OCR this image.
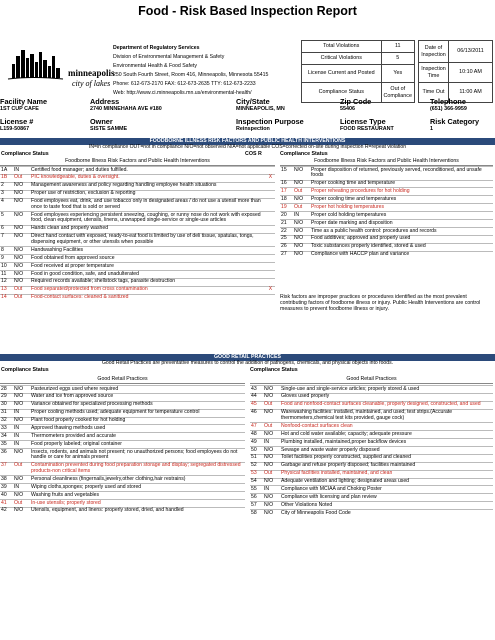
Food - Risk Based Inspection Report
minneapolis
city of lakes
Department of Regulatory Services
Division of Environmental Management & Safety
Environmental Health & Food Safety
250 South Fourth Street, Room 416, Minneapolis, Minnesota 55415
Phone: 612-673-2170 FAX: 612-673-2635 TTY: 612-673-2233
Web: http://www.ci.minneapolis.mn.us/environmental-health/
Total Violations	11
Critical Violations	5
License Current and Posted	Yes
Compliance Status	Out of Compliance
Date of Inspection	06/13/2011
Inspection Time	10:10 AM
Time Out	11:00 AM
Facility Name
1ST CUP CAFE
Address
2740 MINNEHAHA AVE #180
City/State
MINNEAPOLIS, MN
Zip Code
55406
Telephone
(651) 366-9959
License #
L159-50867
Owner
SISTE SAMME
Inspection Purpose
Reinspection
License Type
FOOD RESTAURANT
Risk Category
1
FOODBORNE ILLNESS RISK FACTORS AND PUBLIC HEALTH INTERVENTIONS
IN=in compliance OUT=not in compliance N/O=not observed N/A=not applicable COS=corrected on-site during inspection R=repeat violation
Compliance Status	COS R	Compliance Status
Foodborne Illness Risk Factors and Public Health Interventions	Foodborne Illness Risk Factors and Public Health Interventions
1A	IN	Certified food manager; and duties fulfilled.	
1B	Out	PIC knowledgeable, duties & oversight.	X
2	N/O	Management awareness and policy regarding handling employee health situations	
3	N/O	Proper use of restriction, exclusion & reporting	
4	N/O	Food employees eat, drink, and use tobacco only in designated areas / do not use a utensil more than once to taste food that is sold or served	
5	N/O	Food employees experiencing persistent sneezing, coughing, or runny nose do not work with exposed food, clean equipment, utensils, linens, unwrapped single-service or single-use articles	
6	N/O	Hands clean and properly washed	
7	N/O	Direct hand contact with exposed, ready-to-eat food is limited by use of deli tissue, spatulas, tongs, dispensing equipment, or other utensils when possible	
8	N/O	Handwashing Facilities	
9	N/O	Food obtained from approved source	
10	N/O	Food received at proper temperature	
11	N/O	Food in good condition, safe, and unadulterated	
12	N/O	Required records available; shellstock tags, parasite destruction	
13	Out	Food separated/protected from cross contamination	X
14	Out	Food-contact surfaces: cleaned & sanitized	
15	N/O	Proper disposition of returned, previously served, reconditioned, and unsafe foods
16	N/O	Proper cooking time and temperature
17	Out	Proper reheating procedures for hot holding
18	N/O	Proper cooling time and temperatures
19	Out	Proper hot holding temperatures
20	IN	Proper cold holding temperatures
21	N/O	Proper date marking and disposition
22	N/O	Time as a public health control: procedures and records
25	N/O	Food additives; approved and properly used
26	N/O	Toxic substances properly identified, stored & used
27	N/O	Compliance with HACCP plan and variance
Risk factors are improper practices or procedures identified as the most prevalent contributing factors of foodborne illness or injury. Public Health Interventions are control measures to prevent foodborne illness or injury.
GOOD RETAIL PRACTICES
Good Retail Practices are preventative measures to control the addition of pathogens, chemicals, and physical objects into foods.
Compliance Status	Compliance Status
Good Retail Practices	Good Retail Practices
28	N/O	Pasteurized eggs used where required
29	N/O	Water and ice from approved source
30	N/O	Variance obtained for specialized processing methods
31	IN	Proper cooling methods used; adequate equipment for temperature control
32	N/O	Plant food properly cooked for hot holding
33	IN	Approved thawing methods used
34	IN	Thermometers provided and accurate
35	IN	Food properly labeled; original container
36	N/O	Insects, rodents, and animals not present; no unauthorized persons; food employees do not handle or care for animals present
37	Out	Contamination prevented during food preparation storage and display; segregated distressed products-non critical items
38	N/O	Personal cleanliness (fingernails,jewelry,other clothing,hair restrains)
39	IN	Wiping cloths,sponges; properly used and stored
40	N/O	Washing fruits and vegetables
41	Out	In-use utensils; properly stored
42	N/O	Utensils, equipment, and linens: properly stored, dried, and handled
43	N/O	Single-use and single-service articles; properly stored & used
44	N/O	Gloves used properly
45	Out	Food and nonfood-contact surfaces cleanable, properly designed, constructed, and used
46	N/O	Warewashing facilities: installed, maintained, and used; test strips.(Accurate thermometers,chemical test kits provided, gauge cock)
47	Out	Nonfood-contact surfaces clean
48	N/O	Hot and cold water available; capacity; adequate pressure
49	IN	Plumbing installed, maintained,proper backflow devices
50	N/O	Sewage and waste water properly disposed
51	N/O	Toilet facilities properly constructed, supplied and cleaned
52	N/O	Garbage and refuse properly disposed; facilities maintained
53	Out	Physical facilities installed, maintained, and clean
54	N/O	Adequate ventilation and lighting; designated areas used
55	IN	Compliance with MCIAA and Choking Poster
56	N/O	Compliance with licensing and plan review
57	N/O	Other Violations Noted
58	N/O	City of Minneapolis Food Code
